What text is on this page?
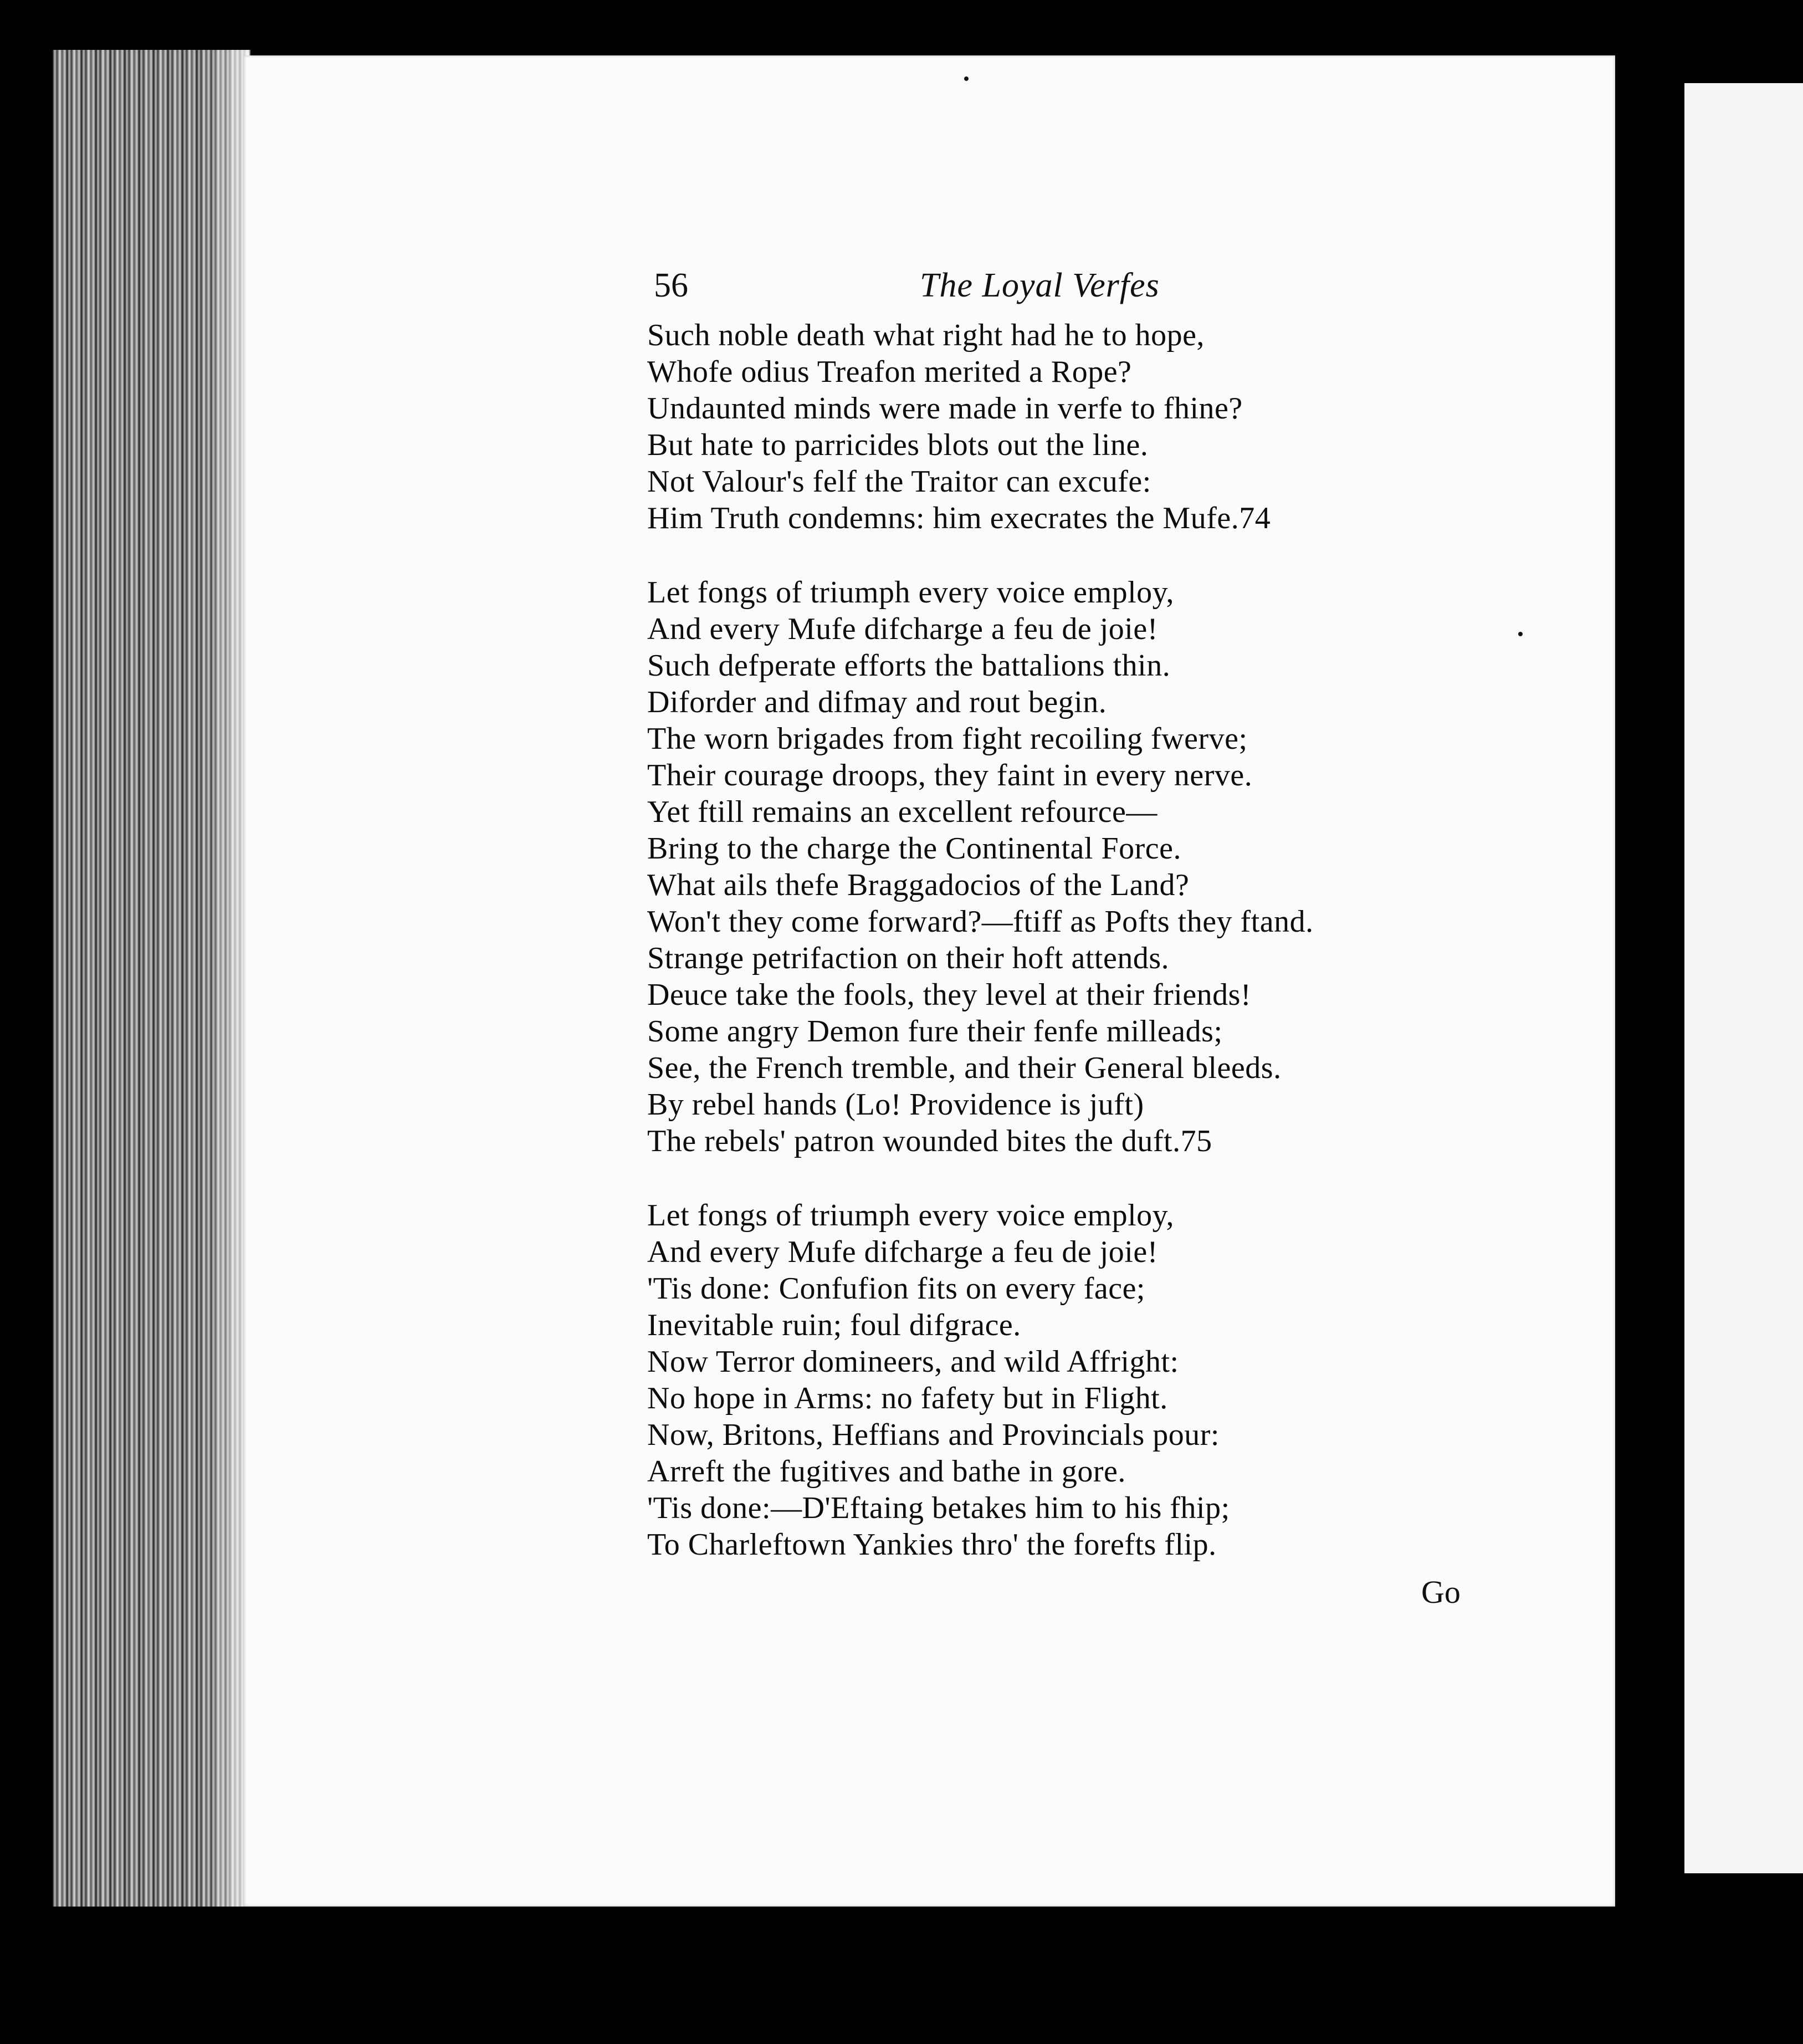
56	The Loyal Verfes
Such noble death what right had he to hope,
Whofe odius Treafon merited a Rope?
Undaunted minds were made in verfe to fhine?
But hate to parricides blots out the line.
Not Valour's felf the Traitor can excufe:
Him Truth condemns: him execrates the Mufe.74
Let fongs of triumph every voice employ,
And every Mufe difcharge a feu de joie!
Such defperate efforts the battalions thin.
Diforder and difmay and rout begin.
The worn brigades from fight recoiling fwerve;
Their courage droops, they faint in every nerve.
Yet ftill remains an excellent refource—
Bring to the charge the Continental Force.
What ails thefe Braggadocios of the Land?
Won't they come forward?—ftiff as Pofts they ftand.
Strange petrifaction on their hoft attends.
Deuce take the fools, they level at their friends!
Some angry Demon fure their fenfe milleads;
See, the French tremble, and their General bleeds.
By rebel hands (Lo! Providence is juft)
The rebels' patron wounded bites the duft.75
Let fongs of triumph every voice employ,
And every Mufe difcharge a feu de joie!
'Tis done: Confufion fits on every face;
Inevitable ruin; foul difgrace.
Now Terror domineers, and wild Affright:
No hope in Arms: no fafety but in Flight.
Now, Britons, Heffians and Provincials pour:
Arreft the fugitives and bathe in gore.
'Tis done:—D'Eftaing betakes him to his fhip;
To Charleftown Yankies thro' the forefts flip.
Go
